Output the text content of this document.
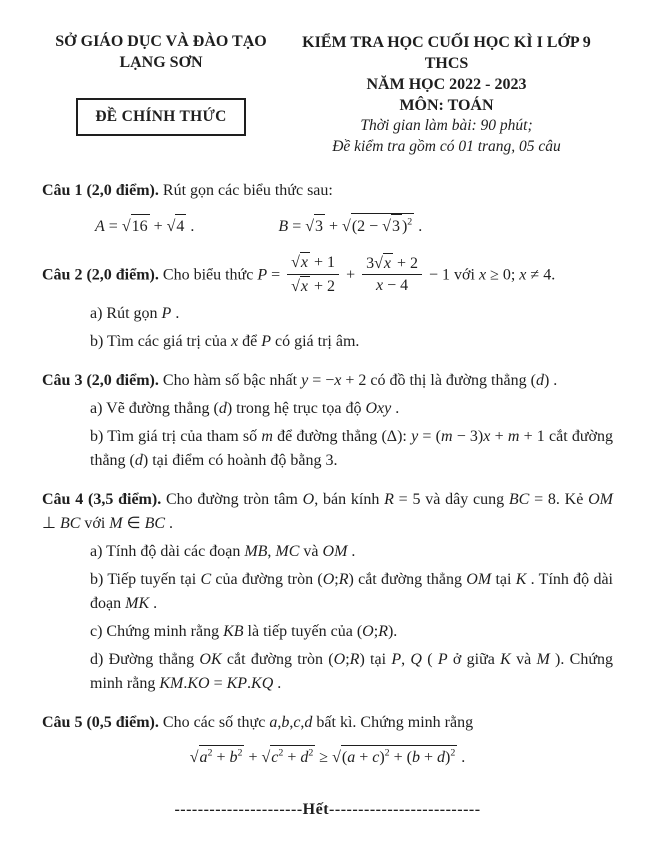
SỞ GIÁO DỤC VÀ ĐÀO TẠO
LẠNG SƠN
ĐỀ CHÍNH THỨC
KIỂM TRA HỌC CUỐI HỌC KÌ I LỚP 9 THCS
NĂM HỌC 2022 - 2023
MÔN: TOÁN
Thời gian làm bài: 90 phút;
Đề kiểm tra gồm có 01 trang, 05 câu

Câu 1 (2,0 điểm). Rút gọn các biểu thức sau:

A = √16 + √4 .	B = √3 + √(2 − √3 )$^2$ .

Câu 2 (2,0 điểm). Cho biểu thức $P = \frac{√x + 1}{√x + 2} + \frac{3√x + 2}{x - 4} - 1$ với x ≥ 0; x ≠ 4.

a) Rút gọn P .

b) Tìm các giá trị của x để P có giá trị âm.

Câu 3 (2,0 điểm). Cho hàm số bậc nhất y = −x + 2 có đồ thị là đường thẳng (d) .

a) Vẽ đường thẳng (d) trong hệ trục tọa độ Oxy .

b) Tìm giá trị của tham số m để đường thẳng (Δ): y = (m − 3)x + m + 1 cắt đường thẳng (d) tại điểm có hoành độ bằng 3.

Câu 4 (3,5 điểm). Cho đường tròn tâm O, bán kính R = 5 và dây cung BC = 8. Kẻ OM ⊥ BC với M ∈ BC .

a) Tính độ dài các đoạn MB, MC và OM .

b) Tiếp tuyến tại C của đường tròn (O;R) cắt đường thẳng OM tại K . Tính độ dài đoạn MK .

c) Chứng minh rằng KB là tiếp tuyến của (O;R).

d) Đường thẳng OK cắt đường tròn (O;R) tại P, Q ( P ở giữa K và M ). Chứng minh rằng KM.KO = KP.KQ .

Câu 5 (0,5 điểm). Cho các số thực a,b,c,d bất kì. Chứng minh rằng

$√a^2 + b^2 + √c^2 + d^2 \ge √(a + c)^2 + (b + d)^2$ .

----------------------Hết--------------------------
